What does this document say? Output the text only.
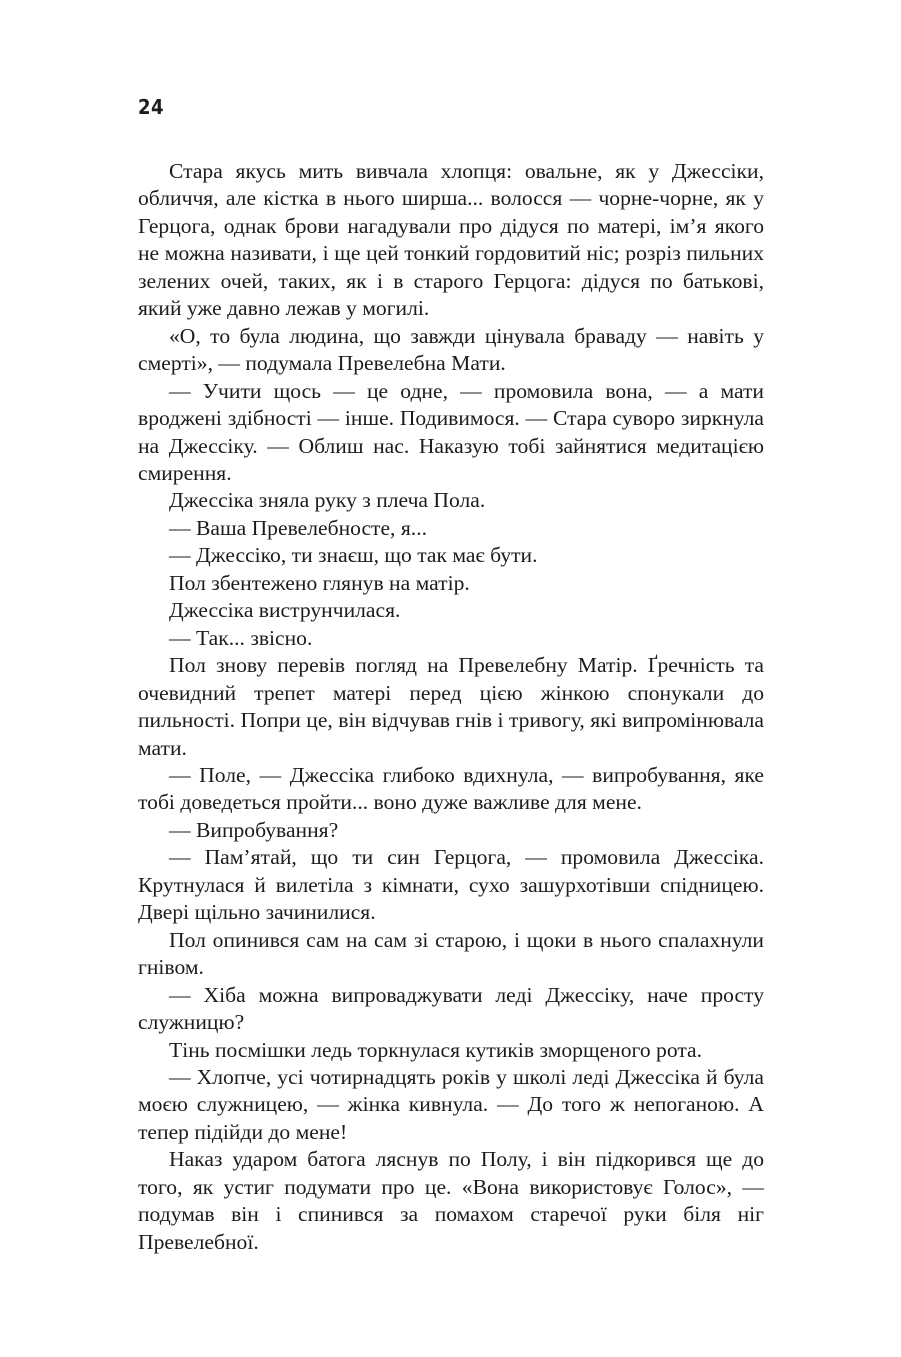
24

Стара якусь мить вивчала хлопця: овальне, як у Джессіки, обличчя, але кістка в нього ширша... волосся — чорне-чорне, як у Герцога, однак брови нагадували про дідуся по матері, ім’я якого не можна називати, і ще цей тонкий гордовитий ніс; розріз пильних зелених очей, таких, як і в старого Герцога: дідуся по батькові, який уже давно лежав у могилі.

«О, то була людина, що завжди цінувала браваду — навіть у смерті», — подумала Превелебна Мати.

— Учити щось — це одне, — промовила вона, — а мати вроджені здібності — інше. Подивимося. — Стара суворо зиркнула на Джессіку. — Облиш нас. Наказую тобі зайнятися медитацією смирення.

Джессіка зняла руку з плеча Пола.

— Ваша Превелебносте, я...

— Джессіко, ти знаєш, що так має бути.

Пол збентежено глянув на матір.

Джессіка виструнчилася.

— Так... звісно.

Пол знову перевів погляд на Превелебну Матір. Ґречність та очевидний трепет матері перед цією жінкою спонукали до пильності. Попри це, він відчував гнів і тривогу, які випромінювала мати.

— Поле, — Джессіка глибоко вдихнула, — випробування, яке тобі доведеться пройти... воно дуже важливе для мене.

— Випробування?

— Пам’ятай, що ти син Герцога, — промовила Джессіка. Крутнулася й вилетіла з кімнати, сухо зашурхотівши спідницею. Двері щільно зачинилися.

Пол опинився сам на сам зі старою, і щоки в нього спалахнули гнівом.

— Хіба можна випроваджувати леді Джессіку, наче просту служницю?

Тінь посмішки ледь торкнулася кутиків зморщеного рота.

— Хлопче, усі чотирнадцять років у школі леді Джессіка й була моєю служницею, — жінка кивнула. — До того ж непоганою. А тепер підійди до мене!

Наказ ударом батога ляснув по Полу, і він підкорився ще до того, як устиг подумати про це. «Вона використовує Голос», — подумав він і спинився за помахом старечої руки біля ніг Превелебної.
